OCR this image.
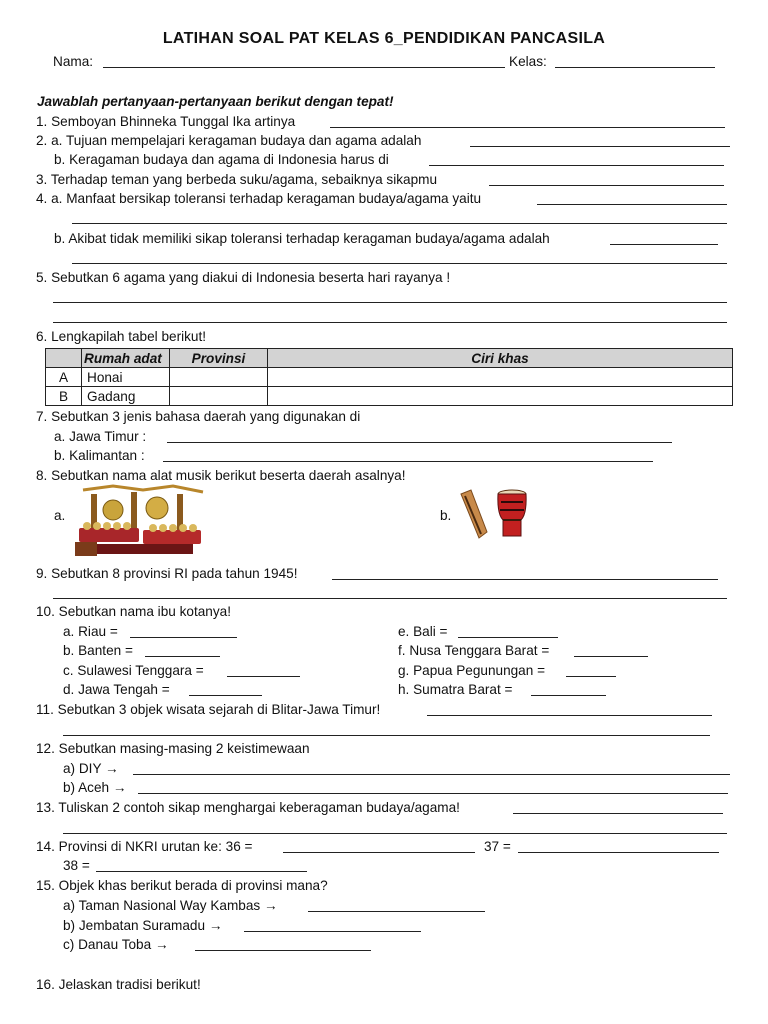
LATIHAN SOAL PAT KELAS 6_PENDIDIKAN PANCASILA
Nama:	Kelas:
Jawablah pertanyaan-pertanyaan berikut dengan tepat!
1. Semboyan Bhinneka Tunggal Ika artinya
2. a. Tujuan mempelajari keragaman budaya dan agama adalah
b. Keragaman budaya dan agama di Indonesia harus di
3. Terhadap teman yang berbeda suku/agama, sebaiknya sikapmu
4. a. Manfaat bersikap toleransi terhadap keragaman budaya/agama yaitu
b. Akibat tidak memiliki sikap toleransi terhadap keragaman budaya/agama adalah
5. Sebutkan 6 agama yang diakui di Indonesia beserta hari rayanya !
6. Lengkapilah tabel berikut!
	Rumah adat	Provinsi	Ciri khas
A	Honai		
B	Gadang		
7. Sebutkan 3 jenis bahasa daerah yang digunakan di
a. Jawa Timur :
b. Kalimantan :
8. Sebutkan nama alat musik berikut beserta daerah asalnya!
a.	b.
9. Sebutkan 8 provinsi RI pada tahun 1945!
10. Sebutkan nama ibu kotanya!
a. Riau =
b. Banten =
c. Sulawesi Tenggara =
d. Jawa Tengah =
e. Bali =
f. Nusa Tenggara Barat =
g. Papua Pegunungan =
h. Sumatra Barat =
11. Sebutkan 3 objek wisata sejarah di Blitar-Jawa Timur!
12. Sebutkan masing-masing 2 keistimewaan
a) DIY →
b) Aceh →
13. Tuliskan 2 contoh sikap menghargai keberagaman budaya/agama!
14. Provinsi di NKRI urutan ke: 36 =	37 =
38 =
15. Objek khas berikut berada di provinsi mana?
a) Taman Nasional Way Kambas →
b) Jembatan Suramadu →
c) Danau Toba →
16. Jelaskan tradisi berikut!
